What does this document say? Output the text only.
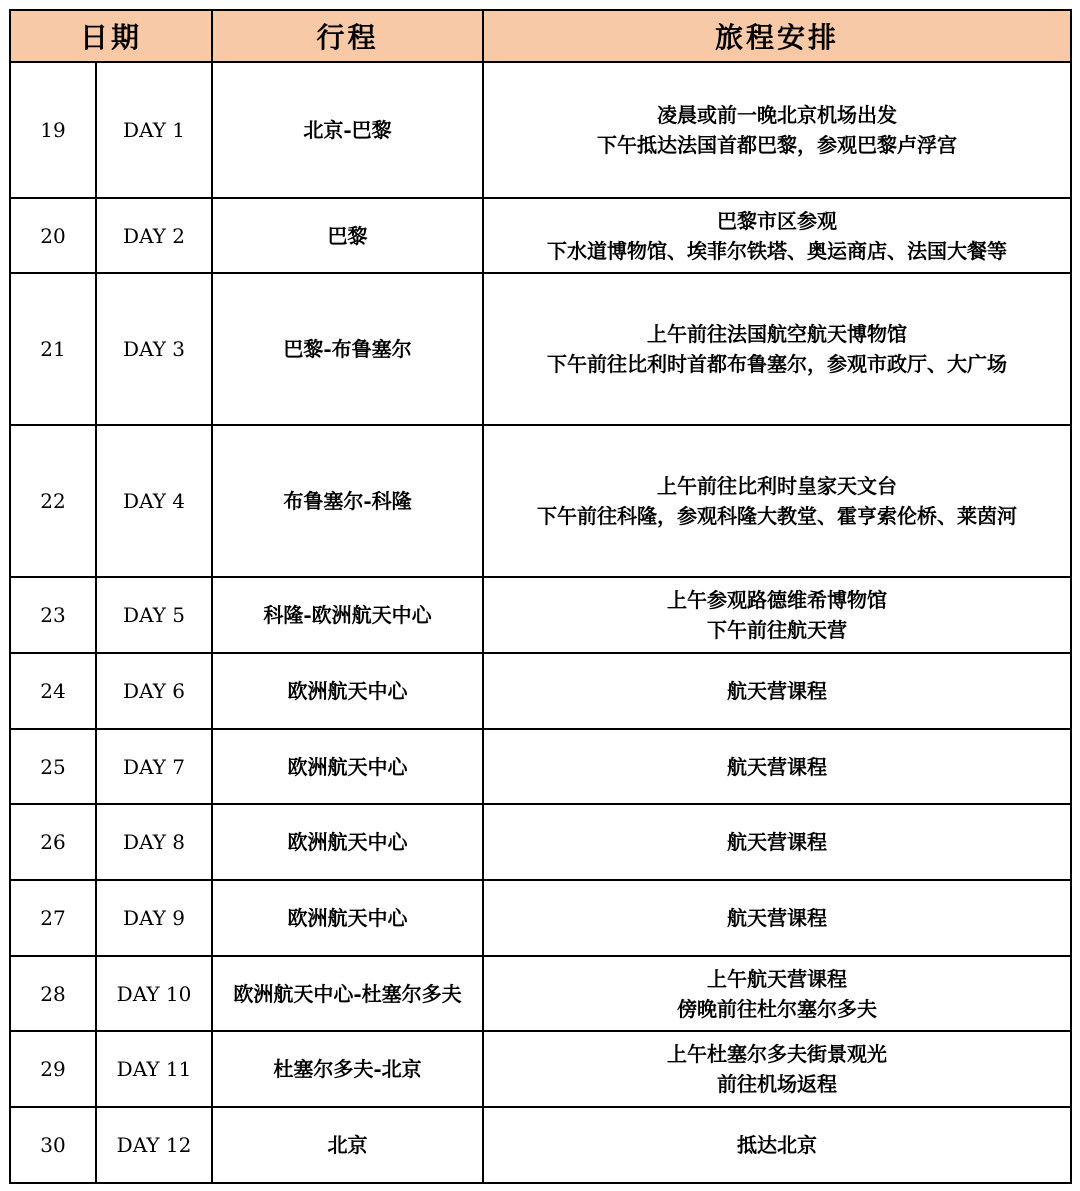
日期		行程	旅程安排
19	DAY 1	北京-巴黎	凌晨或前一晚北京机场出发
下午抵达法国首都巴黎，参观巴黎卢浮宫

20	DAY 2	巴黎	巴黎市区参观
下水道博物馆、埃菲尔铁塔、奥运商店、法国大餐等

21	DAY 3	巴黎-布鲁塞尔	上午前往法国航空航天博物馆
下午前往比利时首都布鲁塞尔，参观市政厅、大广场

22	DAY 4	布鲁塞尔-科隆	上午前往比利时皇家天文台
下午前往科隆，参观科隆大教堂、霍亨索伦桥、莱茵河

23	DAY 5	科隆-欧洲航天中心	上午参观路德维希博物馆
下午前往航天营

24	DAY 6	欧洲航天中心	航天营课程

25	DAY 7	欧洲航天中心	航天营课程

26	DAY 8	欧洲航天中心	航天营课程

27	DAY 9	欧洲航天中心	航天营课程

28	DAY 10	欧洲航天中心-杜塞尔多夫	上午航天营课程
傍晚前往杜尔塞尔多夫

29	DAY 11	杜塞尔多夫-北京	上午杜塞尔多夫街景观光
前往机场返程

30	DAY 12	北京	抵达北京
